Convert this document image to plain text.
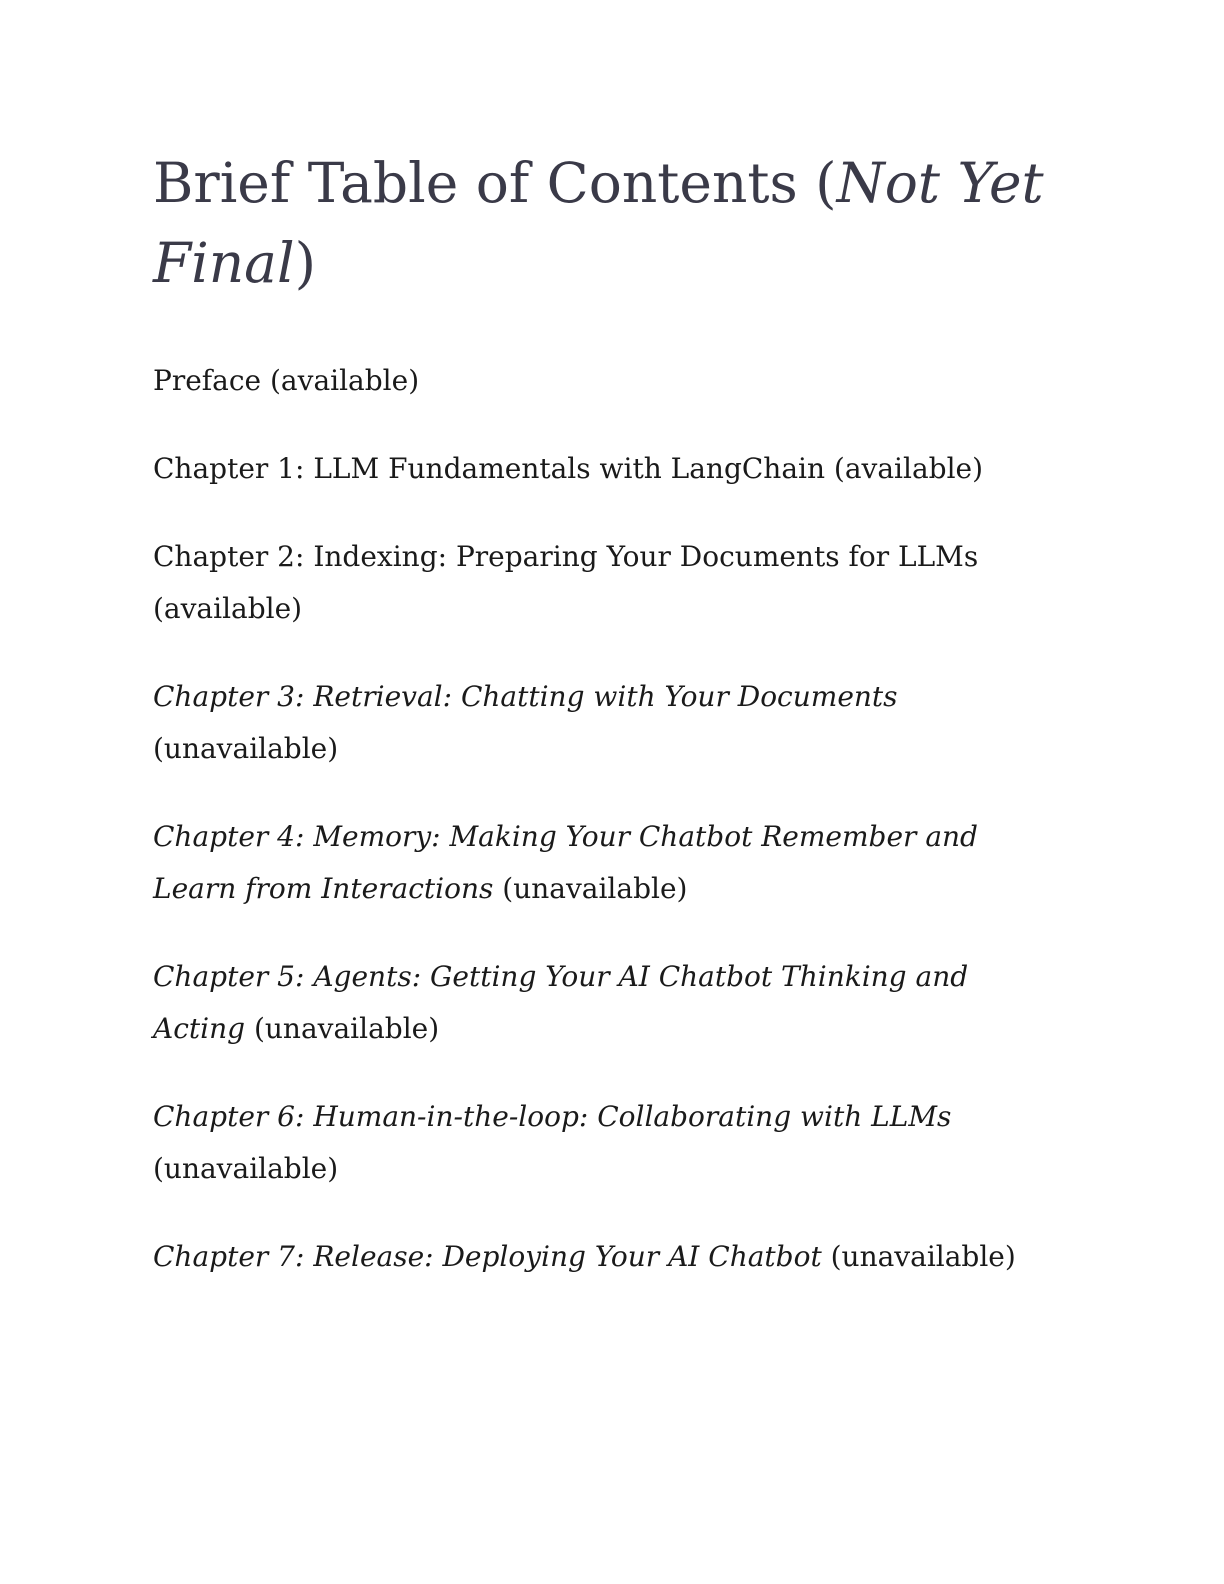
Brief Table of Contents (Not Yet Final)
Preface (available)
Chapter 1: LLM Fundamentals with LangChain (available)
Chapter 2: Indexing: Preparing Your Documents for LLMs (available)
Chapter 3: Retrieval: Chatting with Your Documents (unavailable)
Chapter 4: Memory: Making Your Chatbot Remember and Learn from Interactions (unavailable)
Chapter 5: Agents: Getting Your AI Chatbot Thinking and Acting (unavailable)
Chapter 6: Human-in-the-loop: Collaborating with LLMs (unavailable)
Chapter 7: Release: Deploying Your AI Chatbot (unavailable)
